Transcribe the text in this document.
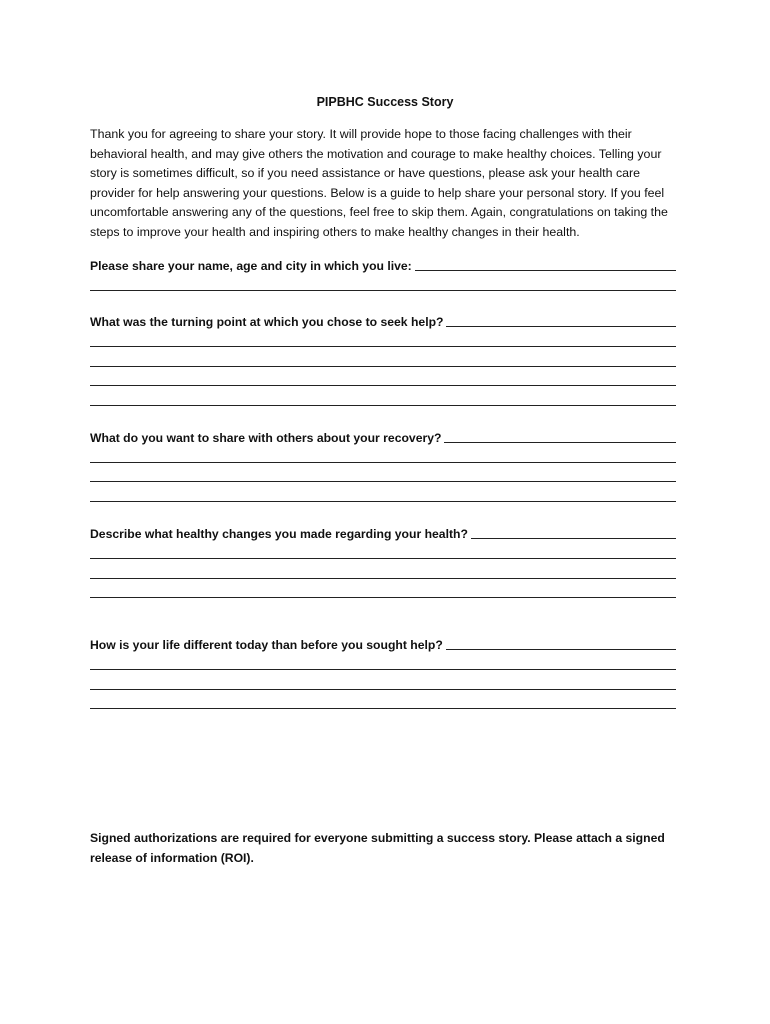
PIPBHC Success Story

Thank you for agreeing to share your story. It will provide hope to those facing challenges with their behavioral health, and may give others the motivation and courage to make healthy choices. Telling your story is sometimes difficult, so if you need assistance or have questions, please ask your health care provider for help answering your questions. Below is a guide to help share your personal story. If you feel uncomfortable answering any of the questions, feel free to skip them. Again, congratulations on taking the steps to improve your health and inspiring others to make healthy changes in their health.

Please share your name, age and city in which you live:
What was the turning point at which you chose to seek help?
What do you want to share with others about your recovery?
Describe what healthy changes you made regarding your health?
How is your life different today than before you sought help?

Signed authorizations are required for everyone submitting a success story. Please attach a signed release of information (ROI).
